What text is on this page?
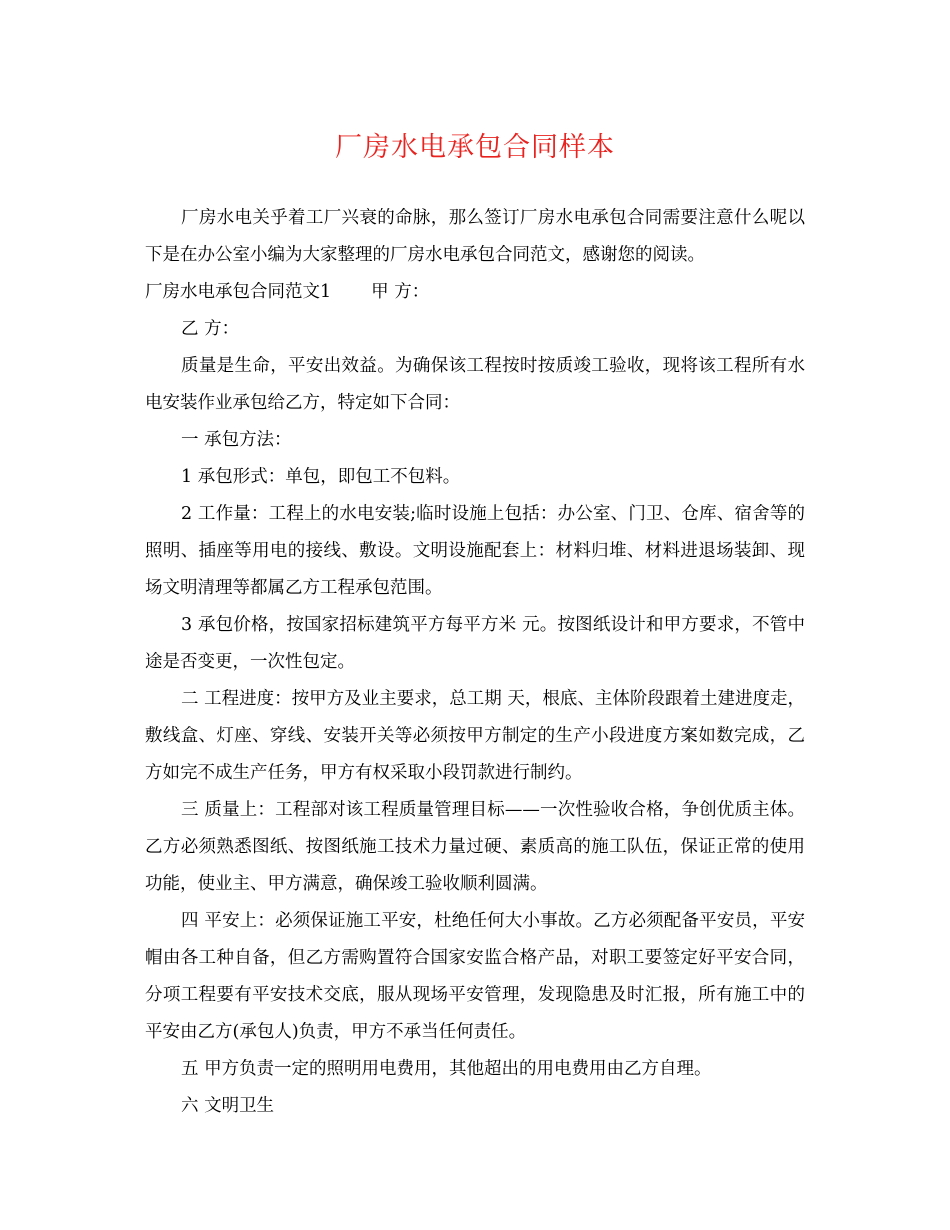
厂房水电承包合同样本

厂房水电关乎着工厂兴衰的命脉，那么签订厂房水电承包合同需要注意什么呢以下是在办公室小编为大家整理的厂房水电承包合同范文，感谢您的阅读。

厂房水电承包合同范文1 甲 方：

乙 方：

质量是生命，平安出效益。为确保该工程按时按质竣工验收，现将该工程所有水电安装作业承包给乙方，特定如下合同：

一 承包方法：

1 承包形式：单包，即包工不包料。

2 工作量：工程上的水电安装;临时设施上包括：办公室、门卫、仓库、宿舍等的照明、插座等用电的接线、敷设。文明设施配套上：材料归堆、材料进退场装卸、现场文明清理等都属乙方工程承包范围。

3 承包价格，按国家招标建筑平方每平方米 元。按图纸设计和甲方要求，不管中途是否变更，一次性包定。

二 工程进度：按甲方及业主要求，总工期 天，根底、主体阶段跟着土建进度走，敷线盒、灯座、穿线、安装开关等必须按甲方制定的生产小段进度方案如数完成，乙方如完不成生产任务，甲方有权采取小段罚款进行制约。

三 质量上：工程部对该工程质量管理目标——一次性验收合格，争创优质主体。乙方必须熟悉图纸、按图纸施工技术力量过硬、素质高的施工队伍，保证正常的使用功能，使业主、甲方满意，确保竣工验收顺利圆满。

四 平安上：必须保证施工平安，杜绝任何大小事故。乙方必须配备平安员，平安帽由各工种自备，但乙方需购置符合国家安监合格产品，对职工要签定好平安合同，分项工程要有平安技术交底，服从现场平安管理，发现隐患及时汇报，所有施工中的平安由乙方(承包人)负责，甲方不承当任何责任。

五 甲方负责一定的照明用电费用，其他超出的用电费用由乙方自理。

六 文明卫生
